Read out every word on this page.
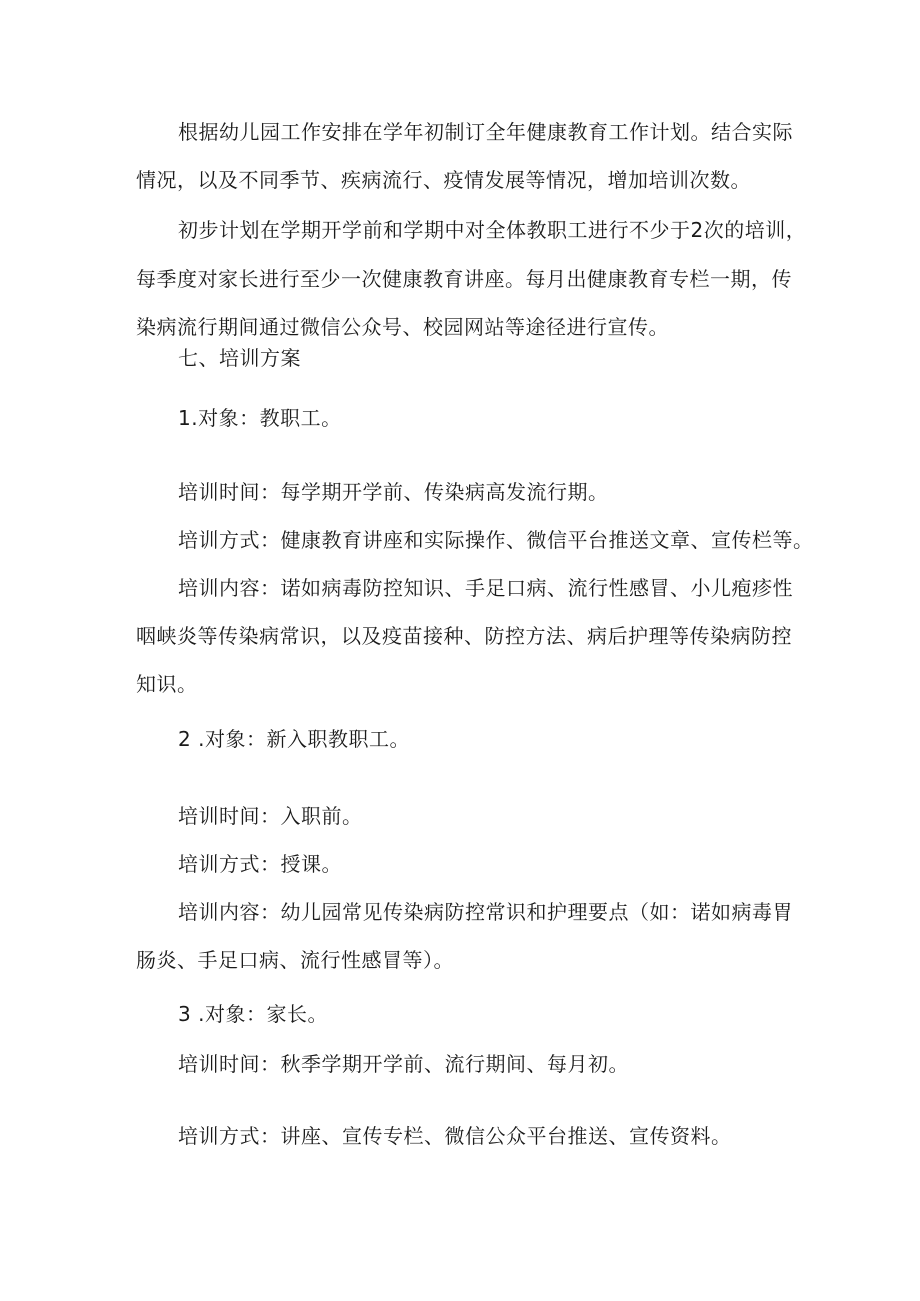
根据幼儿园工作安排在学年初制订全年健康教育工作计划。结合实际
情况，以及不同季节、疾病流行、疫情发展等情况，增加培训次数。
初步计划在学期开学前和学期中对全体教职工进行不少于2次的培训，
每季度对家长进行至少一次健康教育讲座。每月出健康教育专栏一期，传
染病流行期间通过微信公众号、校园网站等途径进行宣传。
七、培训方案
1.对象：教职工。
培训时间：每学期开学前、传染病高发流行期。
培训方式：健康教育讲座和实际操作、微信平台推送文章、宣传栏等。
培训内容：诺如病毒防控知识、手足口病、流行性感冒、小儿疱疹性
咽峡炎等传染病常识，以及疫苗接种、防控方法、病后护理等传染病防控
知识。
2 .对象：新入职教职工。
培训时间：入职前。
培训方式：授课。
培训内容：幼儿园常见传染病防控常识和护理要点（如：诺如病毒胃
肠炎、手足口病、流行性感冒等）。
3 .对象：家长。
培训时间：秋季学期开学前、流行期间、每月初。
培训方式：讲座、宣传专栏、微信公众平台推送、宣传资料。
